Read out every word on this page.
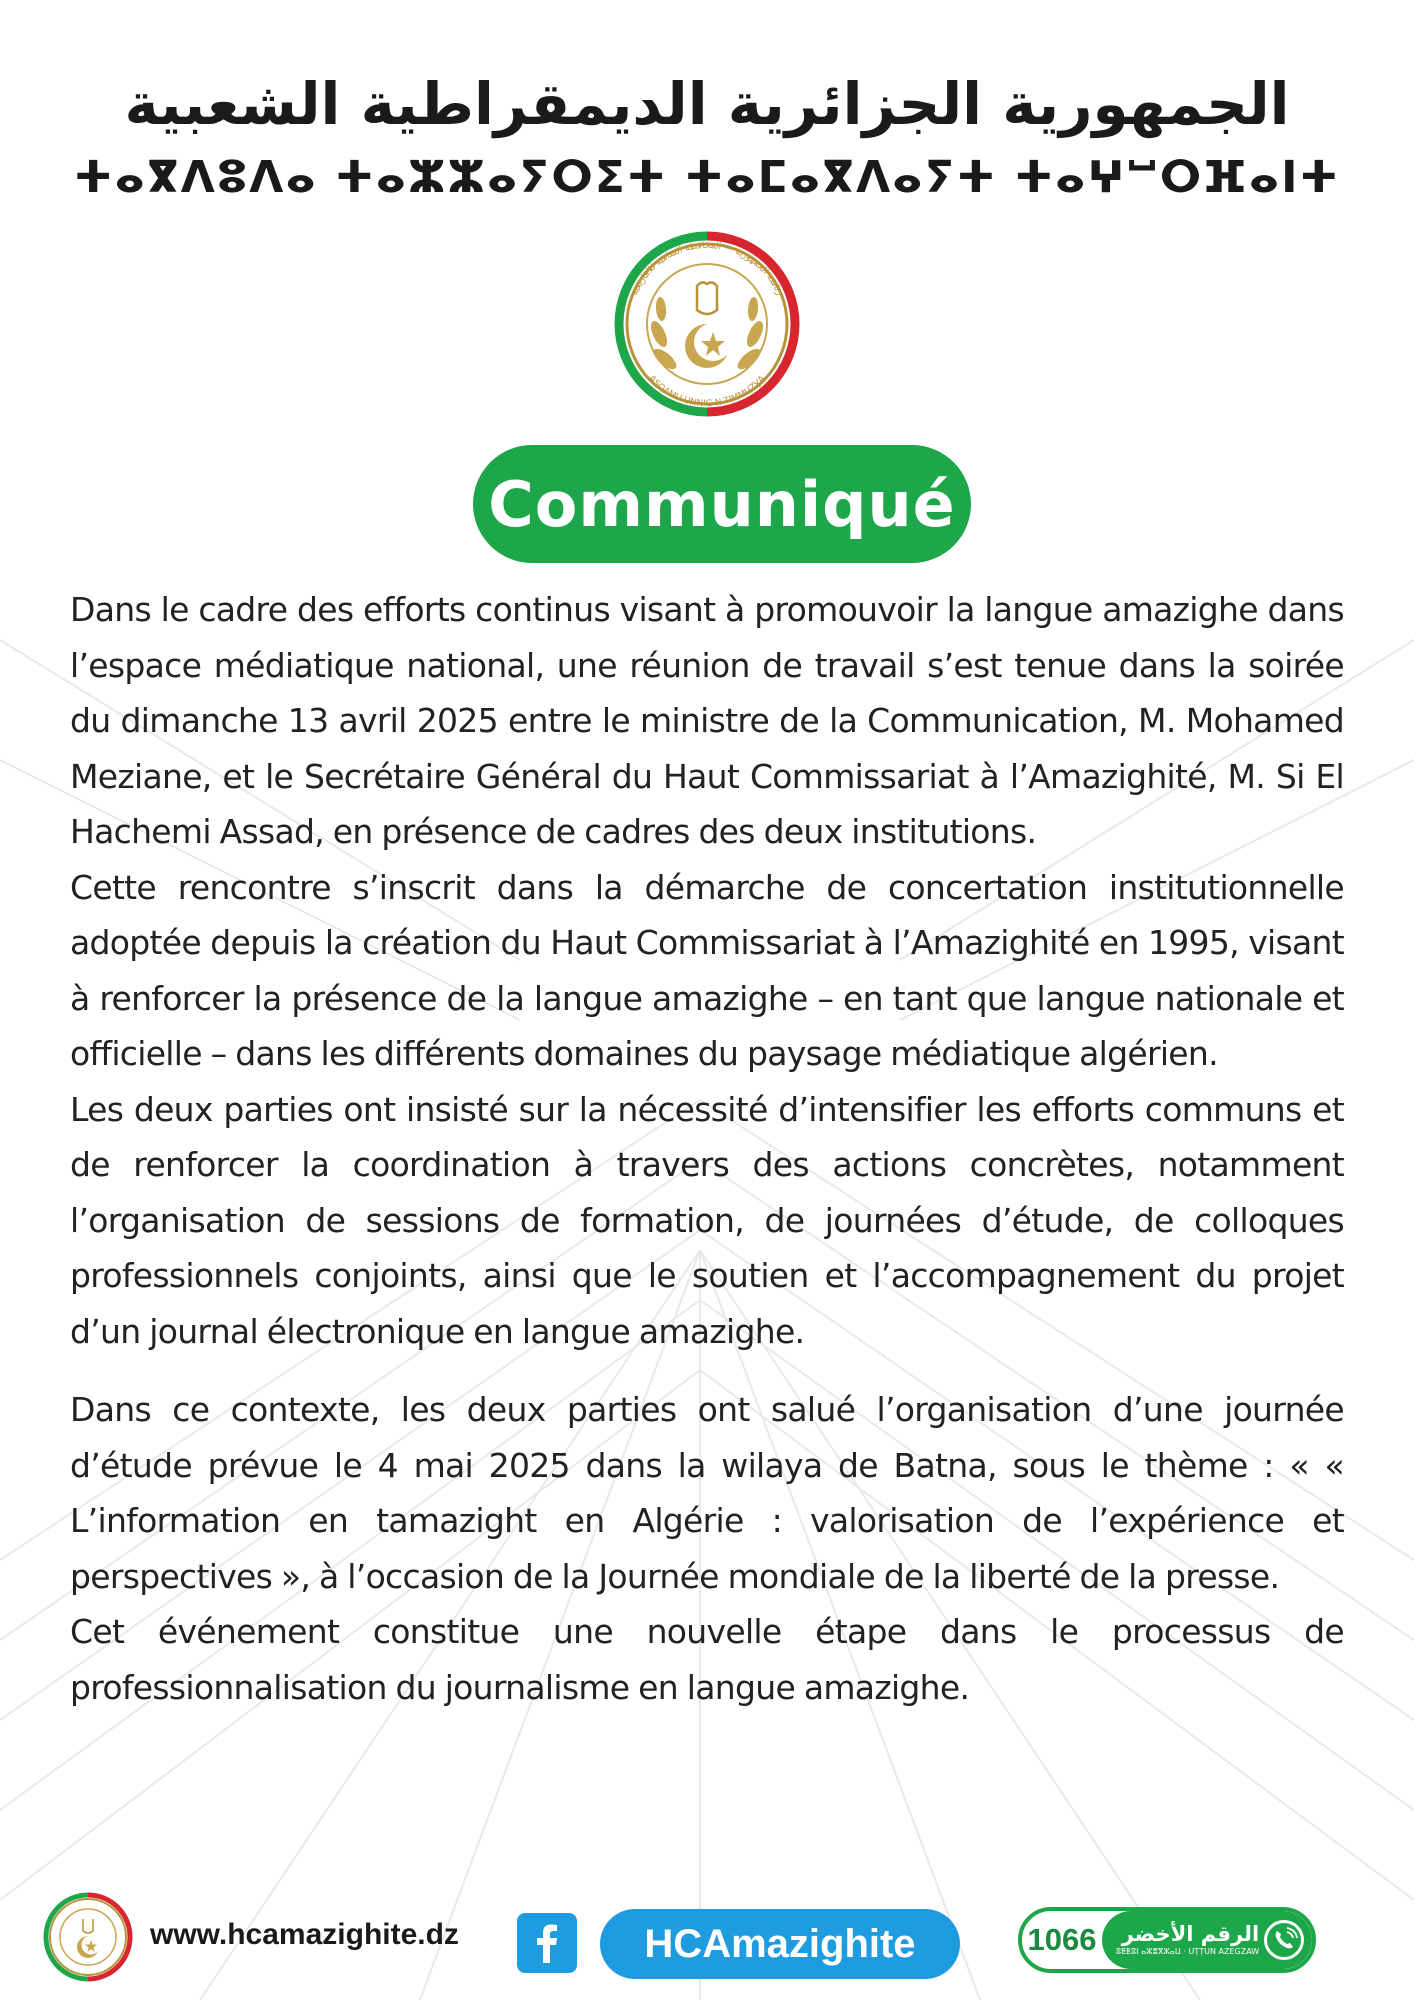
الجمهورية الجزائرية الديمقراطية الشعبية
ⵜⴰⴳⴷⵓⴷⴰ ⵜⴰⵣⵣⴰⵢⵔⵉⵜ ⵜⴰⵎⴰⴳⴷⴰⵢⵜ ⵜⴰⵖⵯⵔⴼⴰⵏⵜ
رئاسة الجمهورية — المحافظة السامية للأمازيغية
ASQAMU UNNIG N TIMMUZƔA
Communiqué

Dans le cadre des efforts continus visant à promouvoir la langue amazighe dans l’espace médiatique national, une réunion de travail s’est tenue dans la soirée du dimanche 13 avril 2025 entre le ministre de la Communication, M. Mohamed Meziane, et le Secrétaire Général du Haut Commissariat à l’Amazighité, M. Si El Hachemi Assad, en présence de cadres des deux institutions.

Cette rencontre s’inscrit dans la démarche de concertation institutionnelle adoptée depuis la création du Haut Commissariat à l’Amazighité en 1995, visant à renforcer la présence de la langue amazighe – en tant que langue nationale et officielle – dans les différents domaines du paysage médiatique algérien.

Les deux parties ont insisté sur la nécessité d’intensifier les efforts communs et de renforcer la coordination à travers des actions concrètes, notamment l’organisation de sessions de formation, de journées d’étude, de colloques professionnels conjoints, ainsi que le soutien et l’accompagnement du projet d’un journal électronique en langue amazighe.

Dans ce contexte, les deux parties ont salué l’organisation d’une journée d’étude prévue le 4 mai 2025 dans la wilaya de Batna, sous le thème : « « L’information en tamazight en Algérie : valorisation de l’expérience et perspectives », à l’occasion de la Journée mondiale de la liberté de la presse.

Cet événement constitue une nouvelle étape dans le processus de professionnalisation du journalisme en langue amazighe.

www.hcamazighite.dz	HCAmazighite	1066 الرقم الأخضر
ⵓⵟⵟⵓⵏ ⴰⵣⴻⴳⵣⴰⵡ · UṬṬUN AZEGZAW
